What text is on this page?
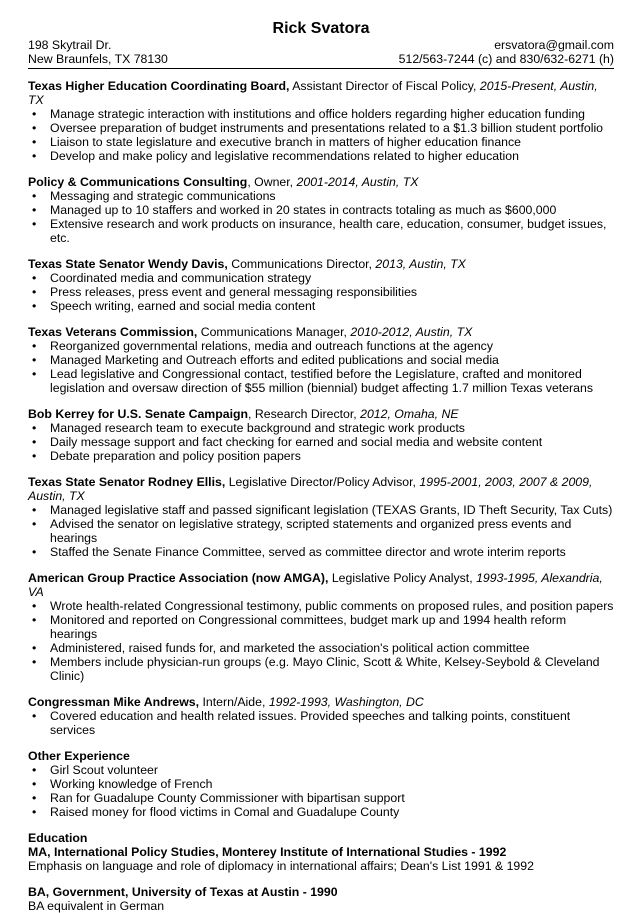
Rick Svatora
198 Skytrail Dr.	ersvatora@gmail.com
New Braunfels, TX 78130	512/563-7244 (c) and 830/632-6271 (h)
Texas Higher Education Coordinating Board, Assistant Director of Fiscal Policy, 2015-Present, Austin, TX
• Manage strategic interaction with institutions and office holders regarding higher education funding
• Oversee preparation of budget instruments and presentations related to a $1.3 billion student portfolio
• Liaison to state legislature and executive branch in matters of higher education finance
• Develop and make policy and legislative recommendations related to higher education
Policy & Communications Consulting, Owner, 2001-2014, Austin, TX
• Messaging and strategic communications
• Managed up to 10 staffers and worked in 20 states in contracts totaling as much as $600,000
• Extensive research and work products on insurance, health care, education, consumer, budget issues, etc.
Texas State Senator Wendy Davis, Communications Director, 2013, Austin, TX
• Coordinated media and communication strategy
• Press releases, press event and general messaging responsibilities
• Speech writing, earned and social media content
Texas Veterans Commission, Communications Manager, 2010-2012, Austin, TX
• Reorganized governmental relations, media and outreach functions at the agency
• Managed Marketing and Outreach efforts and edited publications and social media
• Lead legislative and Congressional contact, testified before the Legislature, crafted and monitored legislation and oversaw direction of $55 million (biennial) budget affecting 1.7 million Texas veterans
Bob Kerrey for U.S. Senate Campaign, Research Director, 2012, Omaha, NE
• Managed research team to execute background and strategic work products
• Daily message support and fact checking for earned and social media and website content
• Debate preparation and policy position papers
Texas State Senator Rodney Ellis, Legislative Director/Policy Advisor, 1995-2001, 2003, 2007 & 2009, Austin, TX
• Managed legislative staff and passed significant legislation (TEXAS Grants, ID Theft Security, Tax Cuts)
• Advised the senator on legislative strategy, scripted statements and organized press events and hearings
• Staffed the Senate Finance Committee, served as committee director and wrote interim reports
American Group Practice Association (now AMGA), Legislative Policy Analyst, 1993-1995, Alexandria, VA
• Wrote health-related Congressional testimony, public comments on proposed rules, and position papers
• Monitored and reported on Congressional committees, budget mark up and 1994 health reform hearings
• Administered, raised funds for, and marketed the association's political action committee
• Members include physician-run groups (e.g. Mayo Clinic, Scott & White, Kelsey-Seybold & Cleveland Clinic)
Congressman Mike Andrews, Intern/Aide, 1992-1993, Washington, DC
• Covered education and health related issues. Provided speeches and talking points, constituent services
Other Experience
• Girl Scout volunteer
• Working knowledge of French
• Ran for Guadalupe County Commissioner with bipartisan support
• Raised money for flood victims in Comal and Guadalupe County
Education
MA, International Policy Studies, Monterey Institute of International Studies - 1992
Emphasis on language and role of diplomacy in international affairs; Dean's List 1991 & 1992
BA, Government, University of Texas at Austin - 1990
BA equivalent in German
